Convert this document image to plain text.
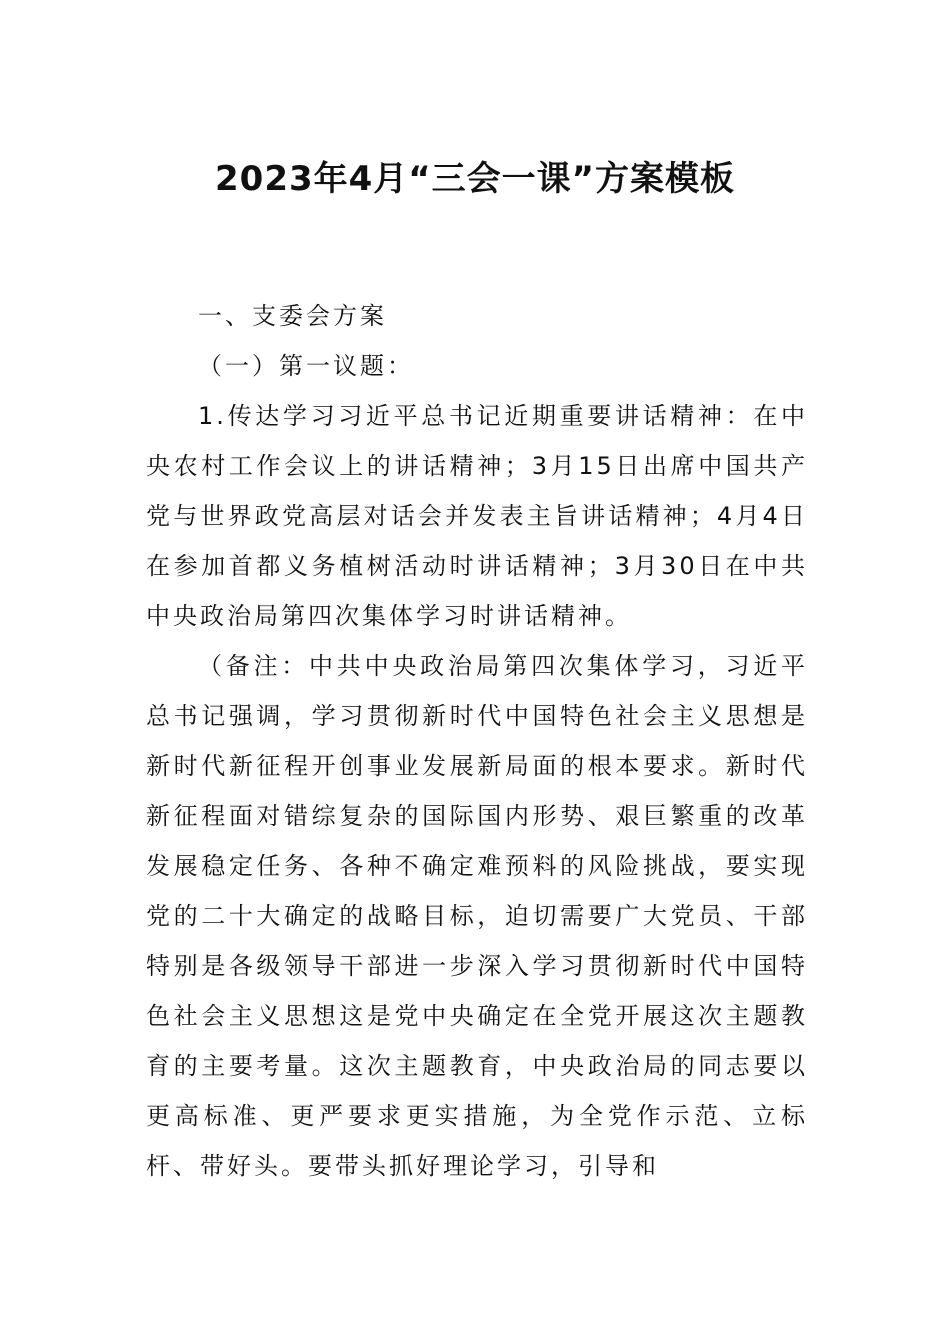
2023年4月“三会一课”方案模板

一、支委会方案

（一）第一议题：

1.传达学习习近平总书记近期重要讲话精神：在中央农村工作会议上的讲话精神；3月15日出席中国共产党与世界政党高层对话会并发表主旨讲话精神；4月4日在参加首都义务植树活动时讲话精神；3月30日在中共中央政治局第四次集体学习时讲话精神。

（备注：中共中央政治局第四次集体学习，习近平总书记强调，学习贯彻新时代中国特色社会主义思想是新时代新征程开创事业发展新局面的根本要求。新时代新征程面对错综复杂的国际国内形势、艰巨繁重的改革发展稳定任务、各种不确定难预料的风险挑战，要实现党的二十大确定的战略目标，迫切需要广大党员、干部特别是各级领导干部进一步深入学习贯彻新时代中国特色社会主义思想这是党中央确定在全党开展这次主题教育的主要考量。这次主题教育，中央政治局的同志要以更高标准、更严要求更实措施，为全党作示范、立标杆、带好头。要带头抓好理论学习，引导和
